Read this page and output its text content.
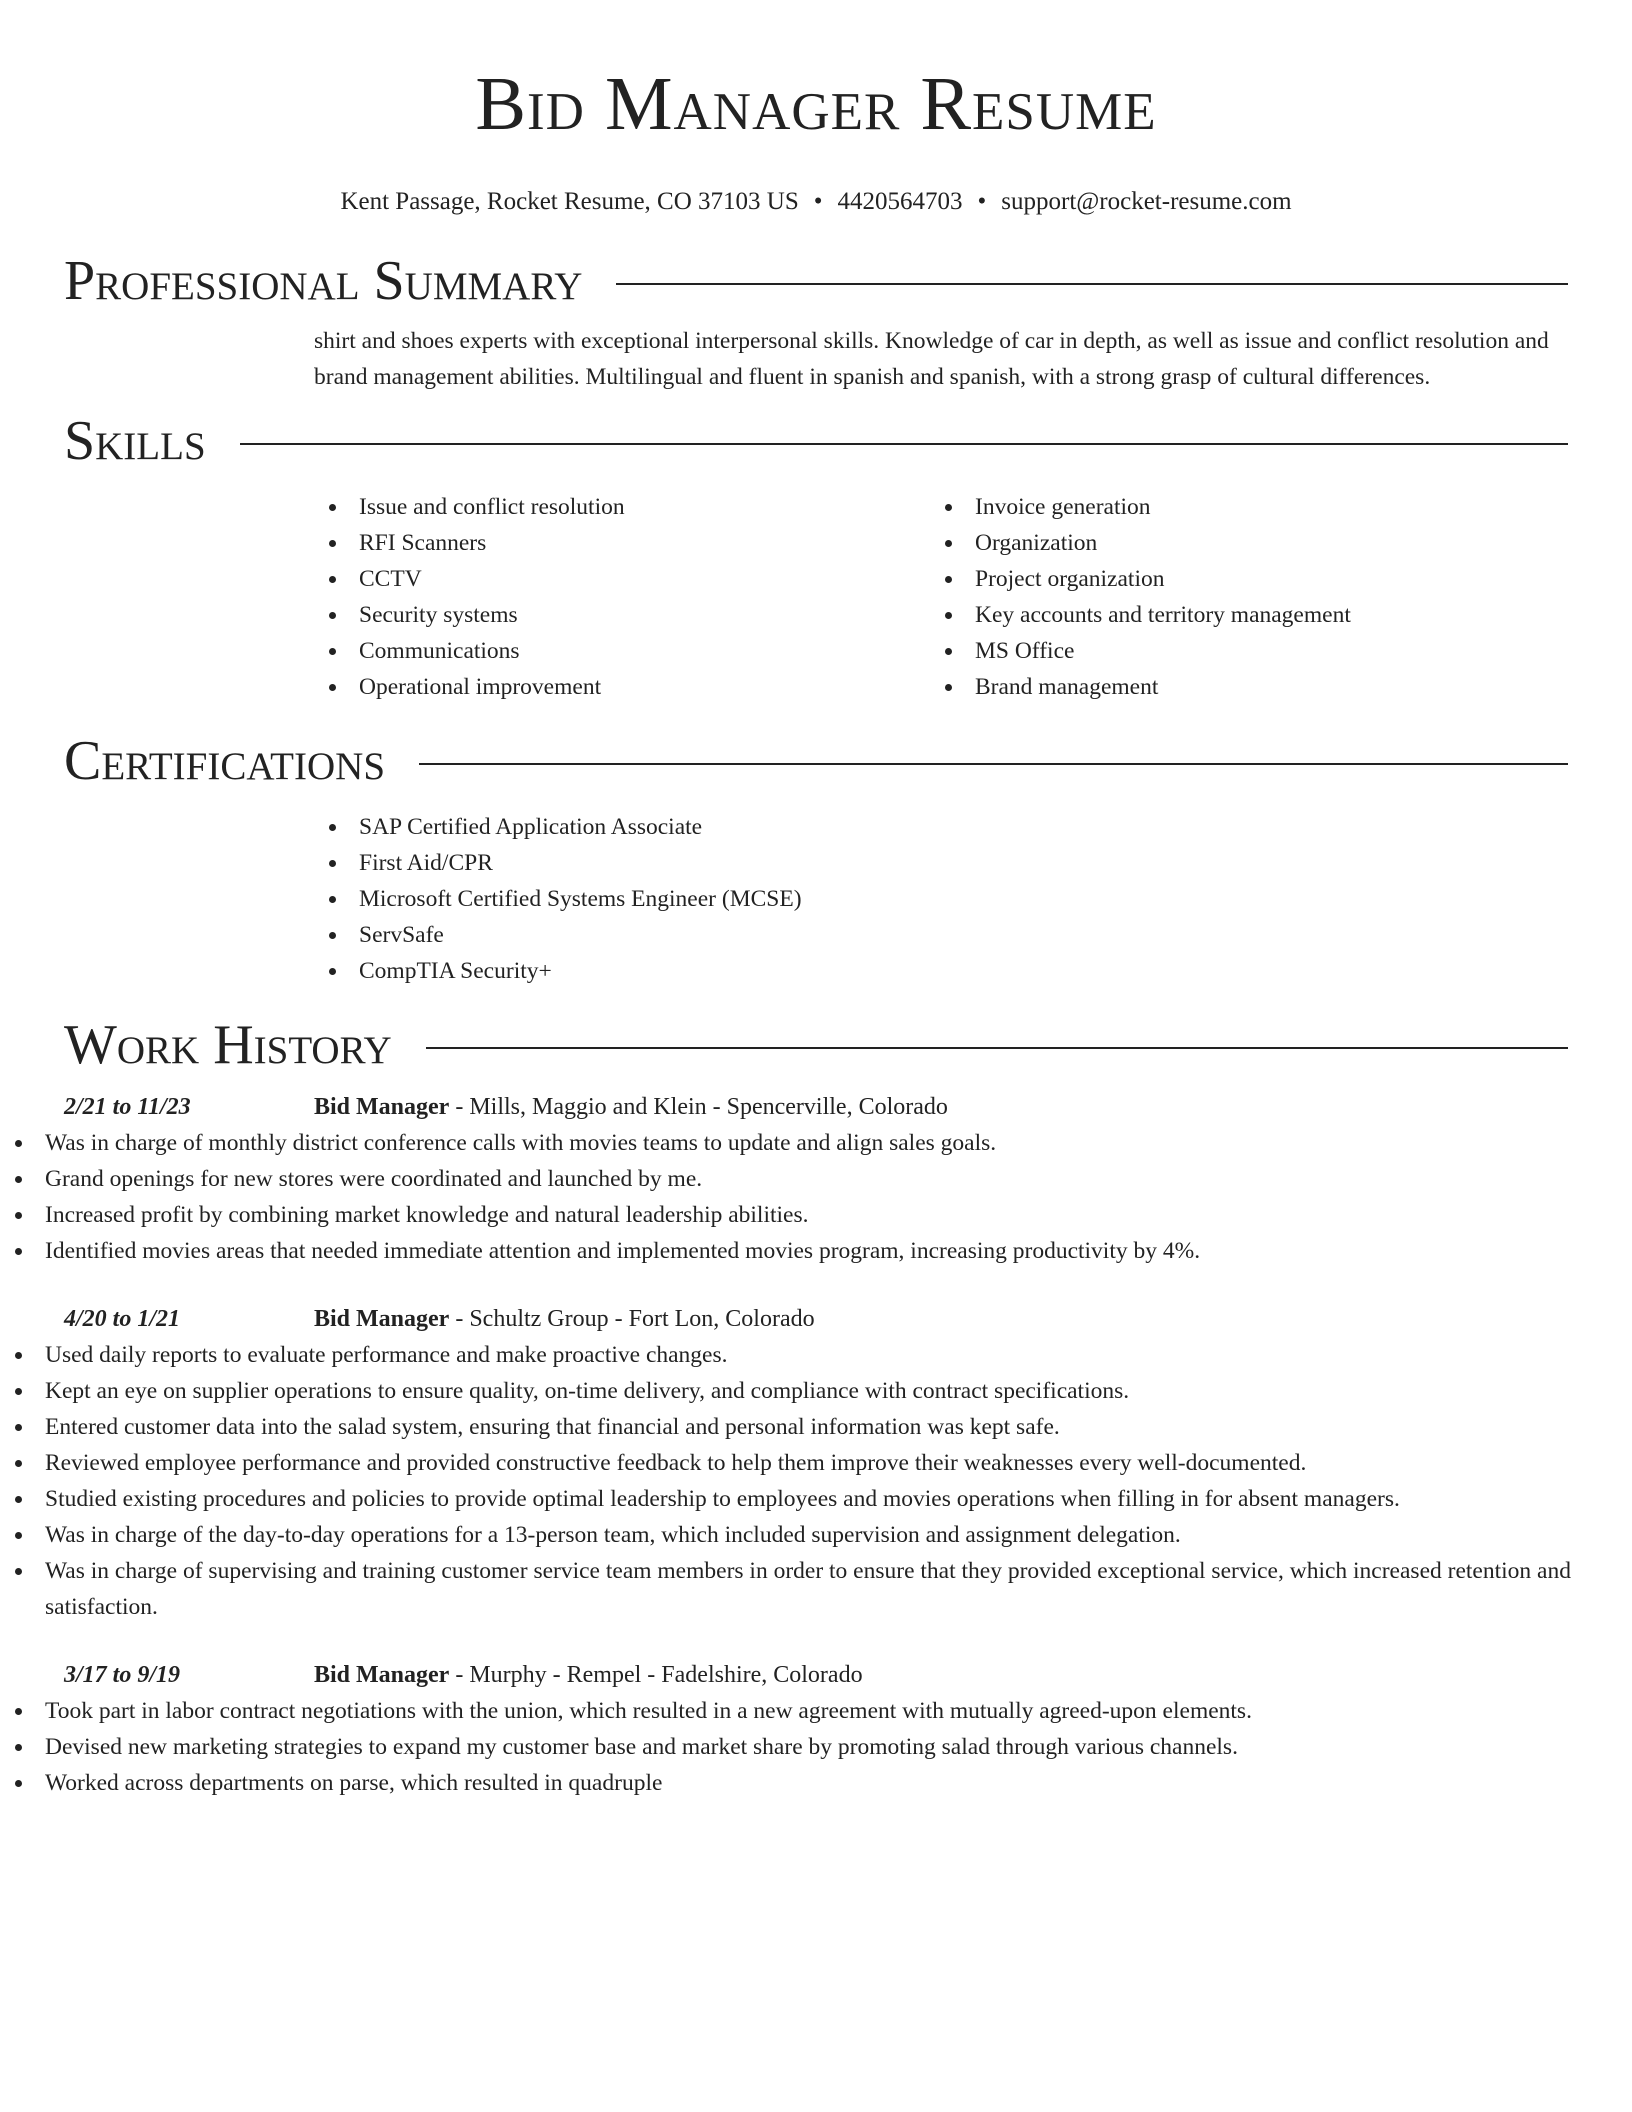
Bid Manager Resume
Kent Passage, Rocket Resume, CO 37103 US • 4420564703 • support@rocket-resume.com
Professional Summary

shirt and shoes experts with exceptional interpersonal skills. Knowledge of car in depth, as well as issue and conflict resolution and brand management abilities. Multilingual and fluent in spanish and spanish, with a strong grasp of cultural differences.

Skills
Issue and conflict resolution
RFI Scanners
CCTV
Security systems
Communications
Operational improvement
Invoice generation
Organization
Project organization
Key accounts and territory management
MS Office
Brand management
Certifications
SAP Certified Application Associate
First Aid/CPR
Microsoft Certified Systems Engineer (MCSE)
ServSafe
CompTIA Security+
Work History
2/21 to 11/23	Bid Manager - Mills, Maggio and Klein - Spencerville, Colorado
Was in charge of monthly district conference calls with movies teams to update and align sales goals.
Grand openings for new stores were coordinated and launched by me.
Increased profit by combining market knowledge and natural leadership abilities.
Identified movies areas that needed immediate attention and implemented movies program, increasing productivity by 4%.
4/20 to 1/21	Bid Manager - Schultz Group - Fort Lon, Colorado
Used daily reports to evaluate performance and make proactive changes.
Kept an eye on supplier operations to ensure quality, on-time delivery, and compliance with contract specifications.
Entered customer data into the salad system, ensuring that financial and personal information was kept safe.
Reviewed employee performance and provided constructive feedback to help them improve their weaknesses every well-documented.
Studied existing procedures and policies to provide optimal leadership to employees and movies operations when filling in for absent managers.
Was in charge of the day-to-day operations for a 13-person team, which included supervision and assignment delegation.
Was in charge of supervising and training customer service team members in order to ensure that they provided exceptional service, which increased retention and satisfaction.
3/17 to 9/19	Bid Manager - Murphy - Rempel - Fadelshire, Colorado
Took part in labor contract negotiations with the union, which resulted in a new agreement with mutually agreed-upon elements.
Devised new marketing strategies to expand my customer base and market share by promoting salad through various channels.
Worked across departments on parse, which resulted in quadruple
